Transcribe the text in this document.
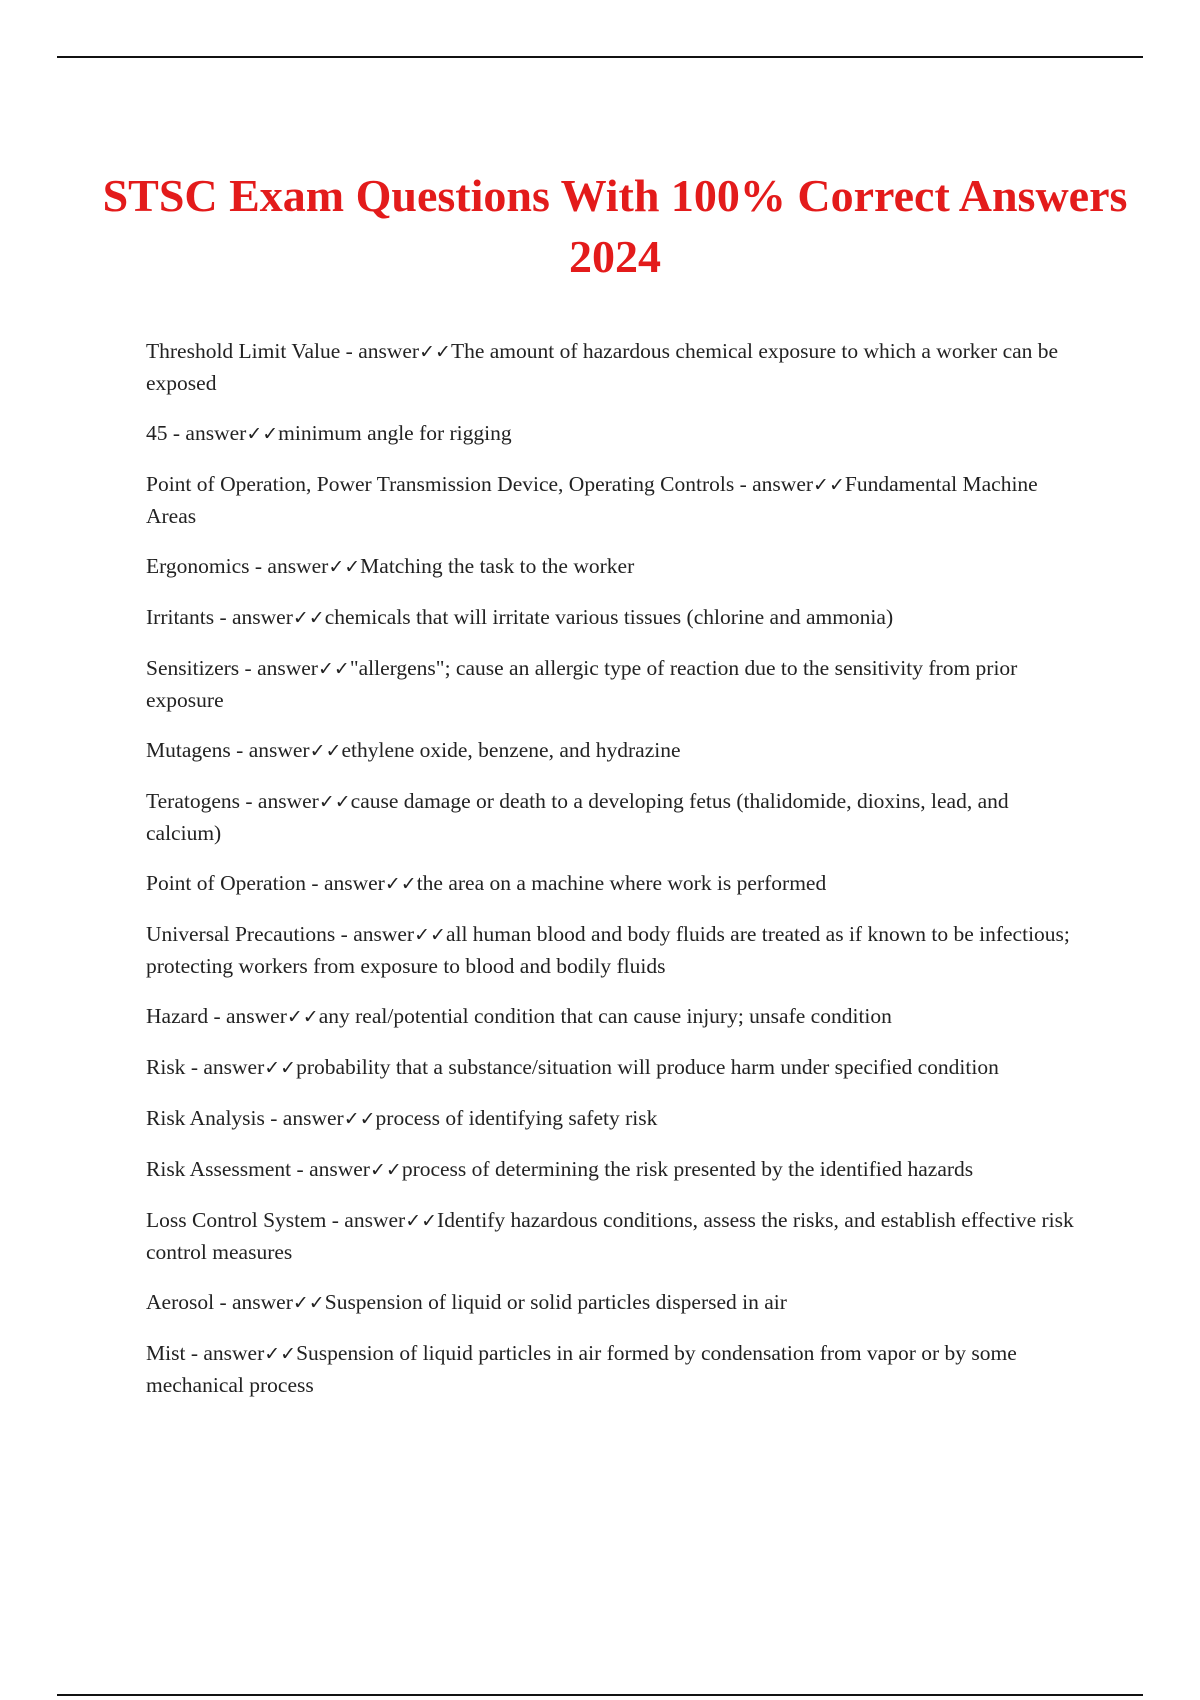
STSC Exam Questions With 100% Correct Answers 2024
Threshold Limit Value - answer✓✓The amount of hazardous chemical exposure to which a worker can be exposed
45 - answer✓✓minimum angle for rigging
Point of Operation, Power Transmission Device, Operating Controls - answer✓✓Fundamental Machine Areas
Ergonomics - answer✓✓Matching the task to the worker
Irritants - answer✓✓chemicals that will irritate various tissues (chlorine and ammonia)
Sensitizers - answer✓✓"allergens"; cause an allergic type of reaction due to the sensitivity from prior exposure
Mutagens - answer✓✓ethylene oxide, benzene, and hydrazine
Teratogens - answer✓✓cause damage or death to a developing fetus (thalidomide, dioxins, lead, and calcium)
Point of Operation - answer✓✓the area on a machine where work is performed
Universal Precautions - answer✓✓all human blood and body fluids are treated as if known to be infectious; protecting workers from exposure to blood and bodily fluids
Hazard - answer✓✓any real/potential condition that can cause injury; unsafe condition
Risk - answer✓✓probability that a substance/situation will produce harm under specified condition
Risk Analysis - answer✓✓process of identifying safety risk
Risk Assessment - answer✓✓process of determining the risk presented by the identified hazards
Loss Control System - answer✓✓Identify hazardous conditions, assess the risks, and establish effective risk control measures
Aerosol - answer✓✓Suspension of liquid or solid particles dispersed in air
Mist - answer✓✓Suspension of liquid particles in air formed by condensation from vapor or by some mechanical process
